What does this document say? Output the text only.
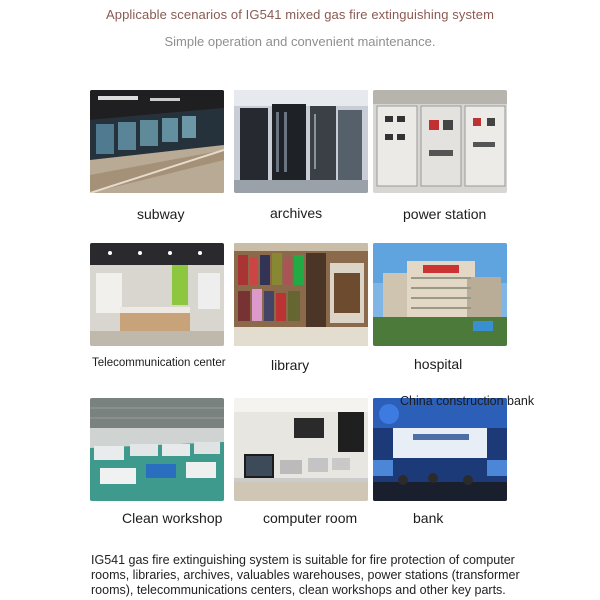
Applicable scenarios of IG541 mixed gas fire extinguishing system
Simple operation and convenient maintenance.
subway	archives	power station
Telecommunication center	library	hospital
Clean workshop	computer room
China construction bank
bank
IG541 gas fire extinguishing system is suitable for fire protection of computer rooms, libraries, archives, valuables warehouses, power stations (transformer rooms), telecommunications centers, clean workshops and other key parts.
